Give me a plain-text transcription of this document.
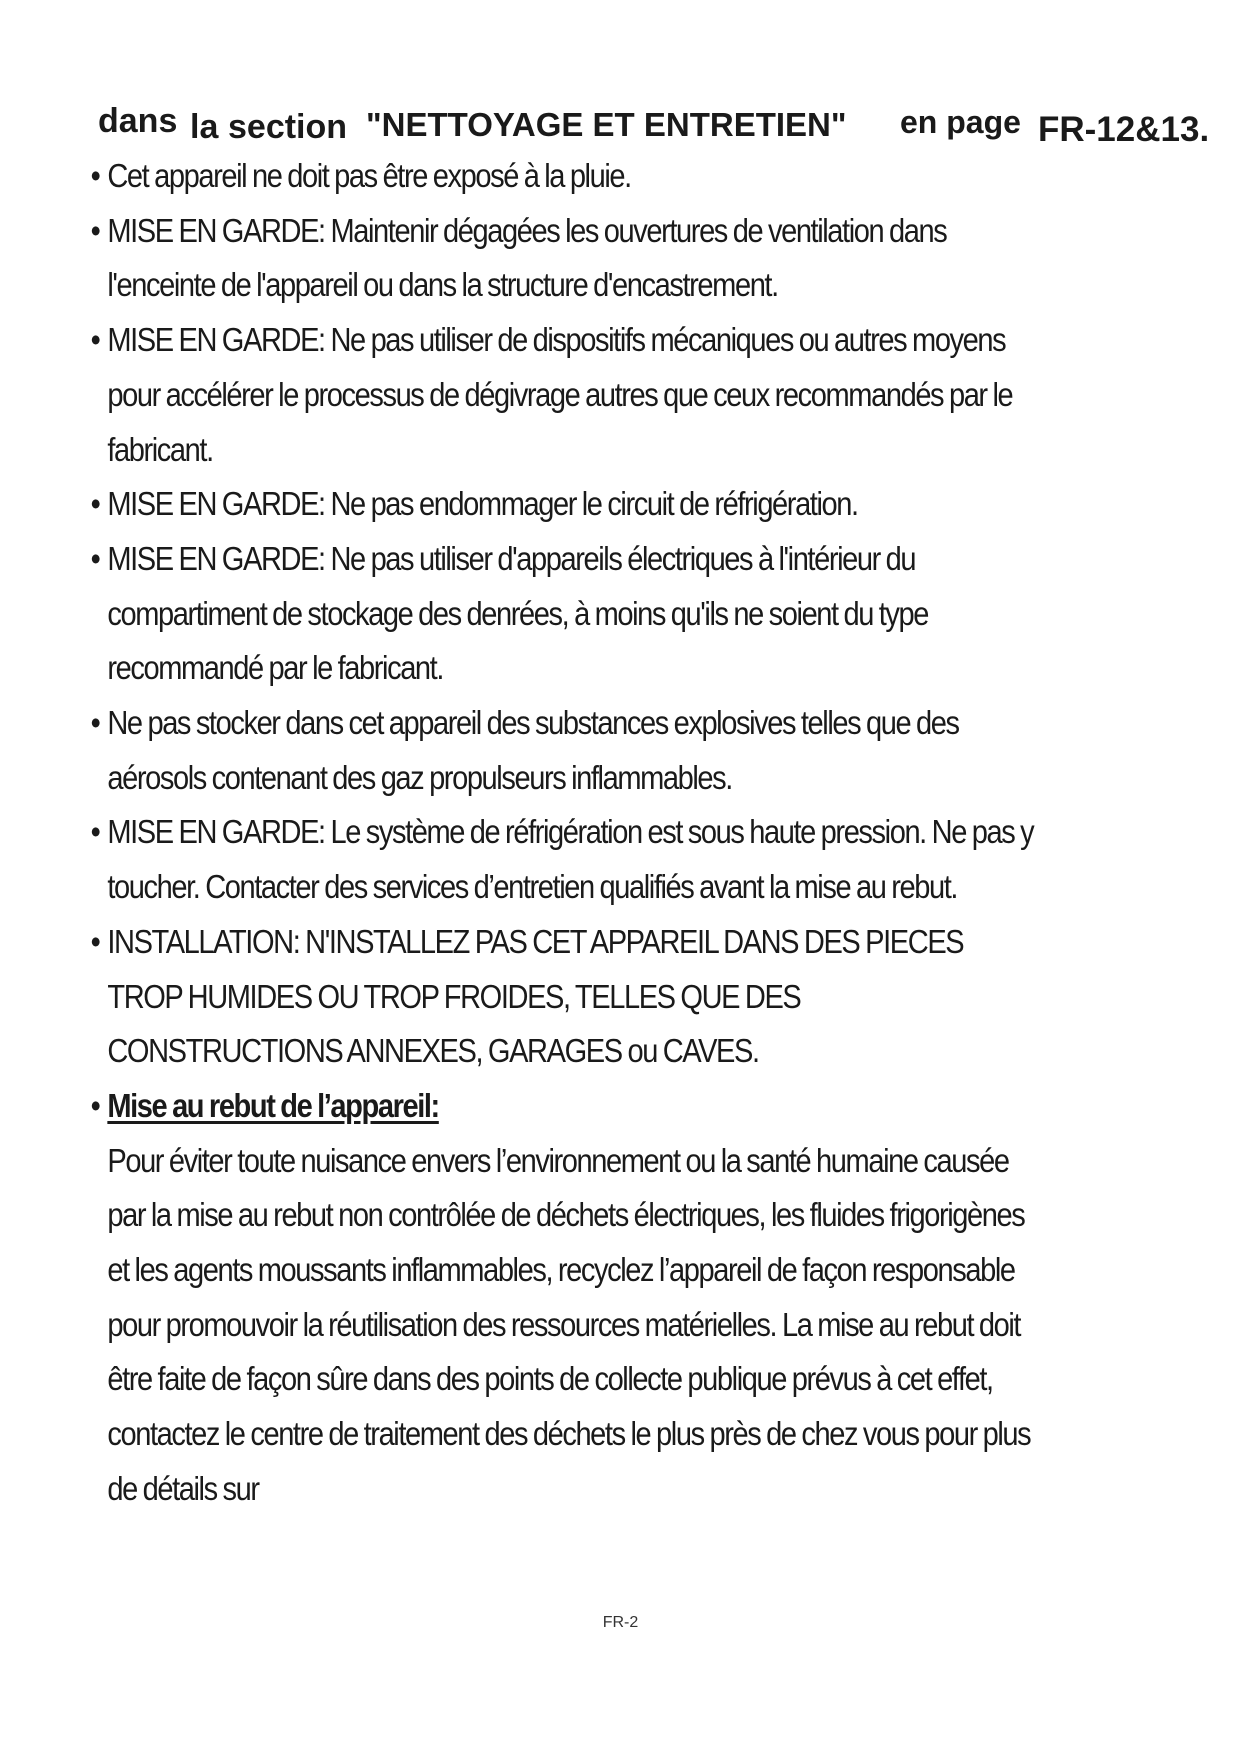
dans la section "NETTOYAGE ET ENTRETIEN" en page FR-12&13.
• Cet appareil ne doit pas être exposé à la pluie.
• MISE EN GARDE: Maintenir dégagées les ouvertures de ventilation dans l'enceinte de l'appareil ou dans la structure d'encastrement.
• MISE EN GARDE: Ne pas utiliser de dispositifs mécaniques ou autres moyens pour accélérer le processus de dégivrage autres que ceux recommandés par le fabricant.
• MISE EN GARDE: Ne pas endommager le circuit de réfrigération.
• MISE EN GARDE: Ne pas utiliser d'appareils électriques à l'intérieur du compartiment de stockage des denrées, à moins qu'ils ne soient du type recommandé par le fabricant.
• Ne pas stocker dans cet appareil des substances explosives telles que des aérosols contenant des gaz propulseurs inflammables.
• MISE EN GARDE: Le système de réfrigération est sous haute pression. Ne pas y toucher. Contacter des services d’entretien qualifiés avant la mise au rebut.
• INSTALLATION: N'INSTALLEZ PAS CET APPAREIL DANS DES PIECES TROP HUMIDES OU TROP FROIDES, TELLES QUE DES CONSTRUCTIONS ANNEXES, GARAGES ou CAVES.
• Mise au rebut de l’appareil:
Pour éviter toute nuisance envers l’environnement ou la santé humaine causée par la mise au rebut non contrôlée de déchets électriques, les fluides frigorigènes et les agents moussants inflammables, recyclez l’appareil de façon responsable pour promouvoir la réutilisation des ressources matérielles. La mise au rebut doit être faite de façon sûre dans des points de collecte publique prévus à cet effet, contactez le centre de traitement des déchets le plus près de chez vous pour plus de détails sur
FR-2
